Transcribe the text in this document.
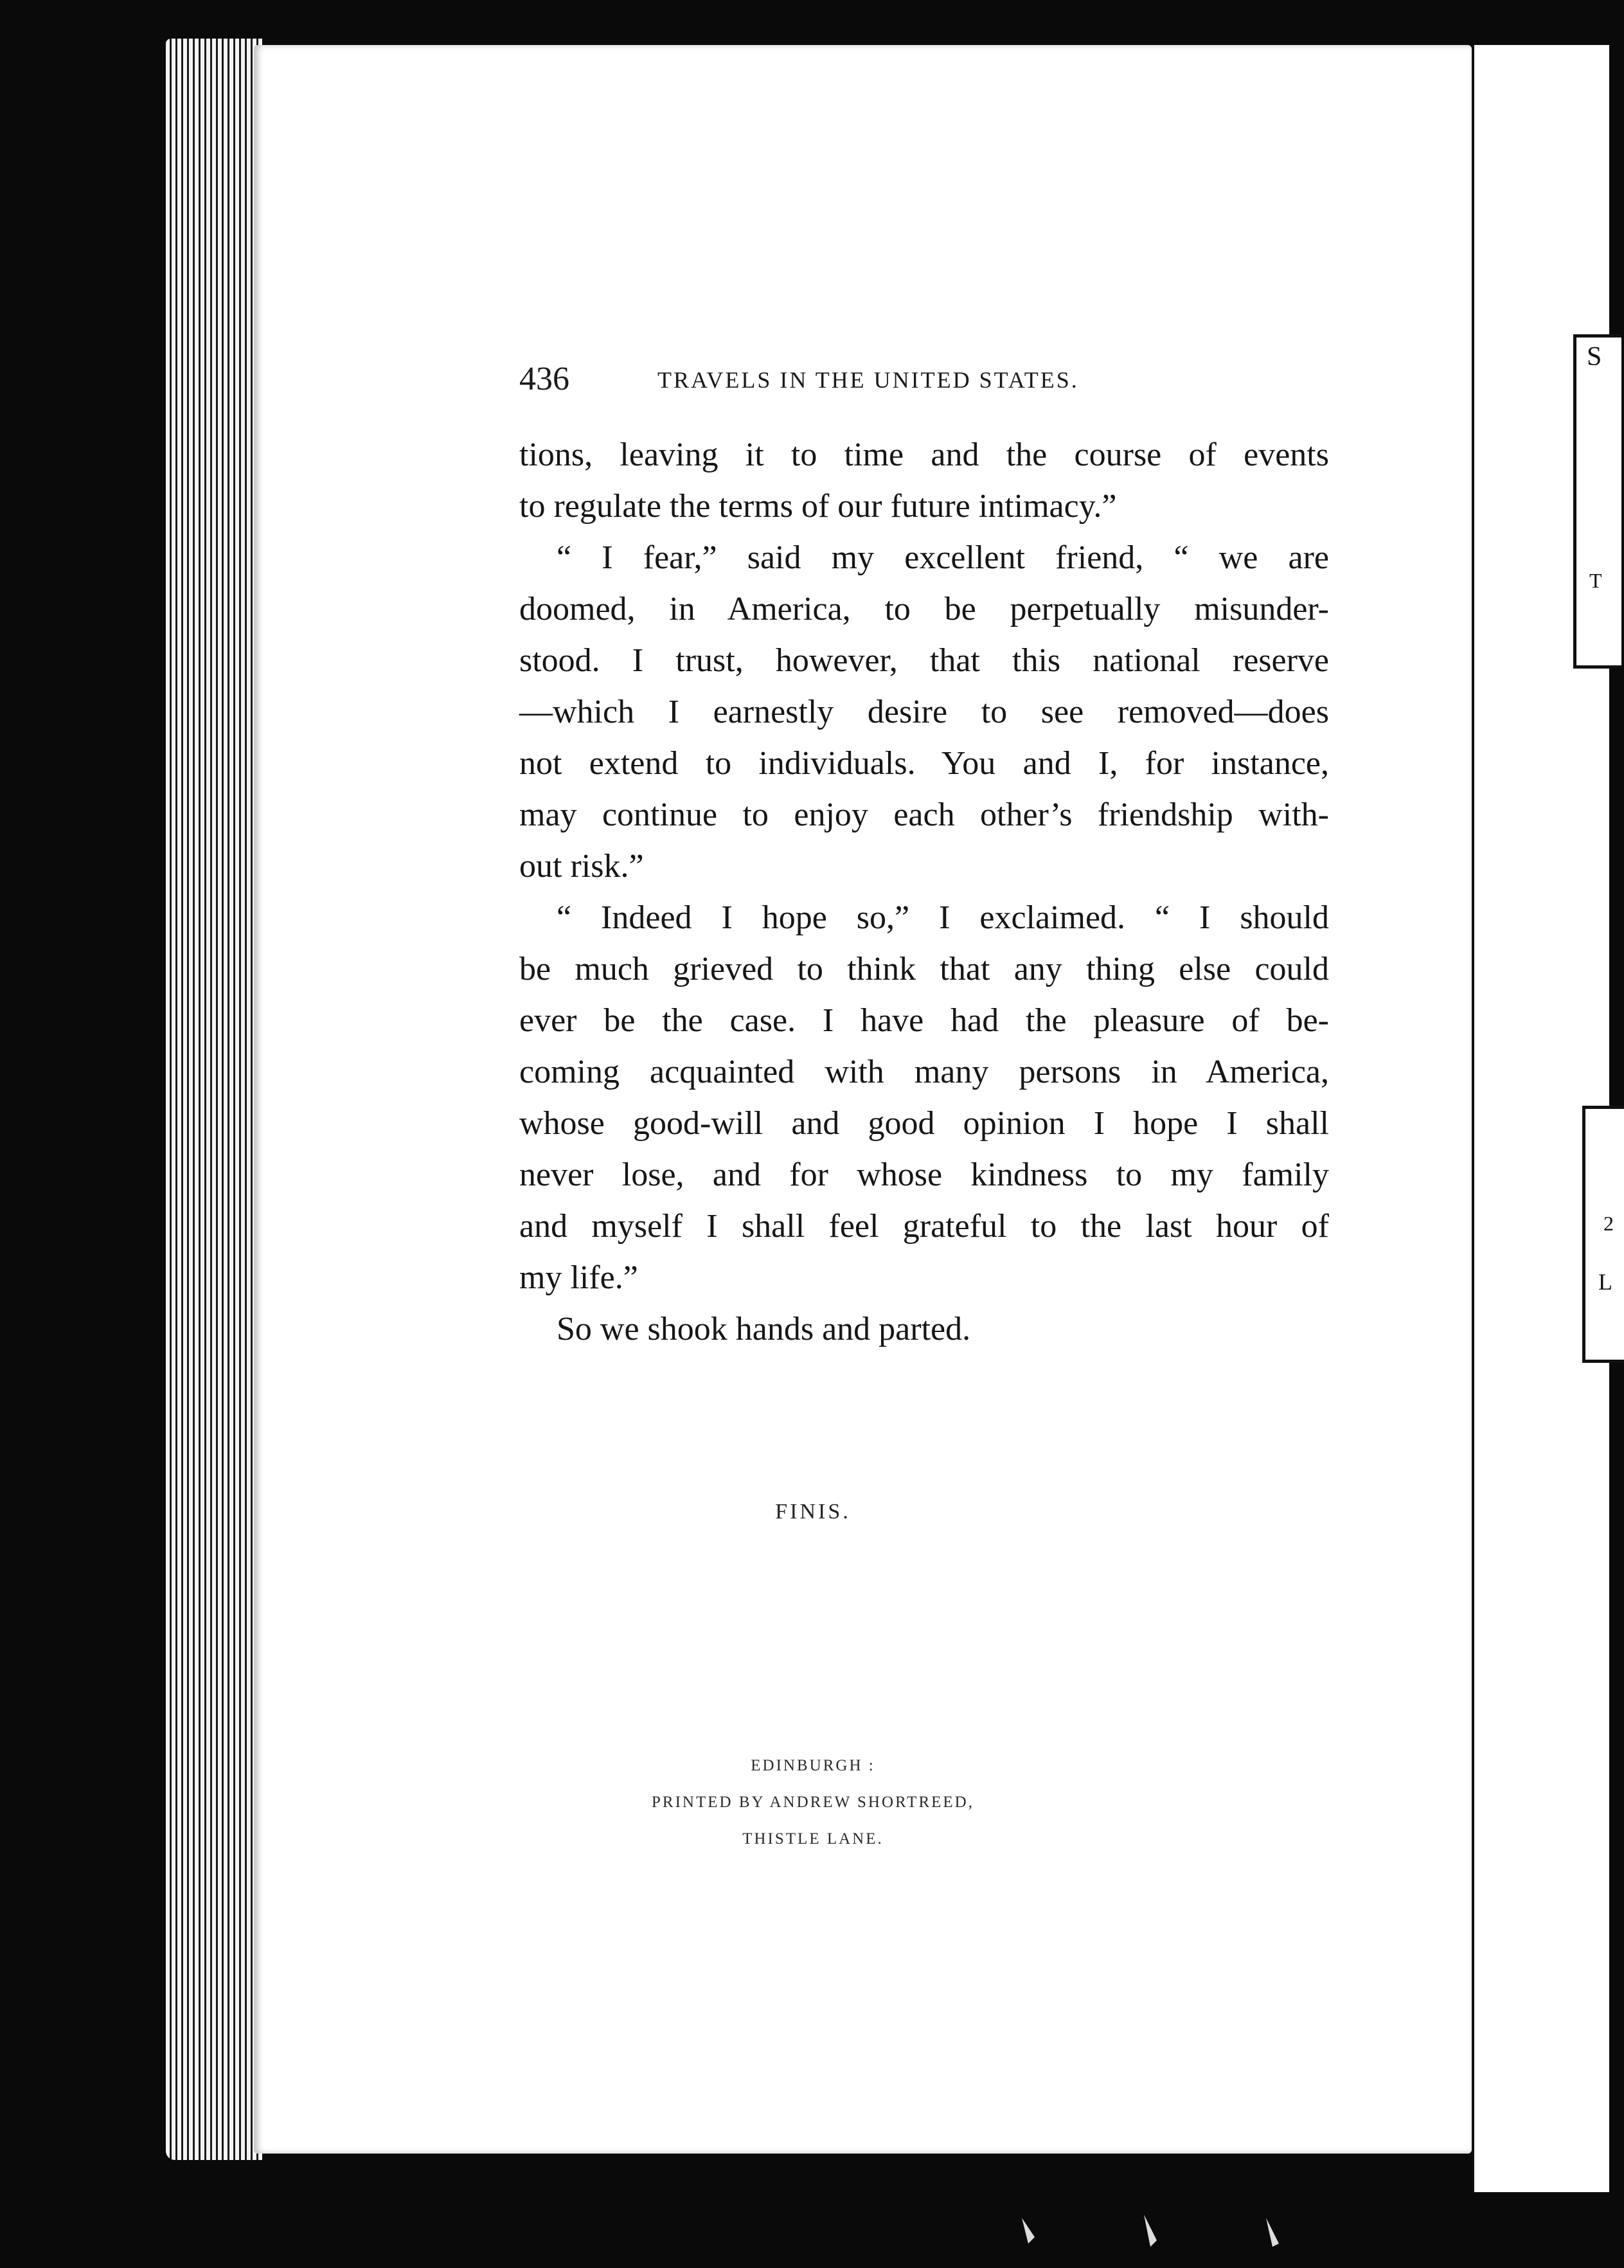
S
T
2
L
436	TRAVELS IN THE UNITED STATES.
tions, leaving it to time and the course of events
to regulate the terms of our future intimacy.”
“ I fear,” said my excellent friend, “ we are
doomed, in America, to be perpetually misunder-
stood. I trust, however, that this national reserve
—which I earnestly desire to see removed—does
not extend to individuals. You and I, for instance,
may continue to enjoy each other’s friendship with-
out risk.”
“ Indeed I hope so,” I exclaimed. “ I should
be much grieved to think that any thing else could
ever be the case. I have had the pleasure of be-
coming acquainted with many persons in America,
whose good-will and good opinion I hope I shall
never lose, and for whose kindness to my family
and myself I shall feel grateful to the last hour of
my life.”
So we shook hands and parted.
FINIS.
EDINBURGH :
PRINTED BY ANDREW SHORTREED,
THISTLE LANE.
